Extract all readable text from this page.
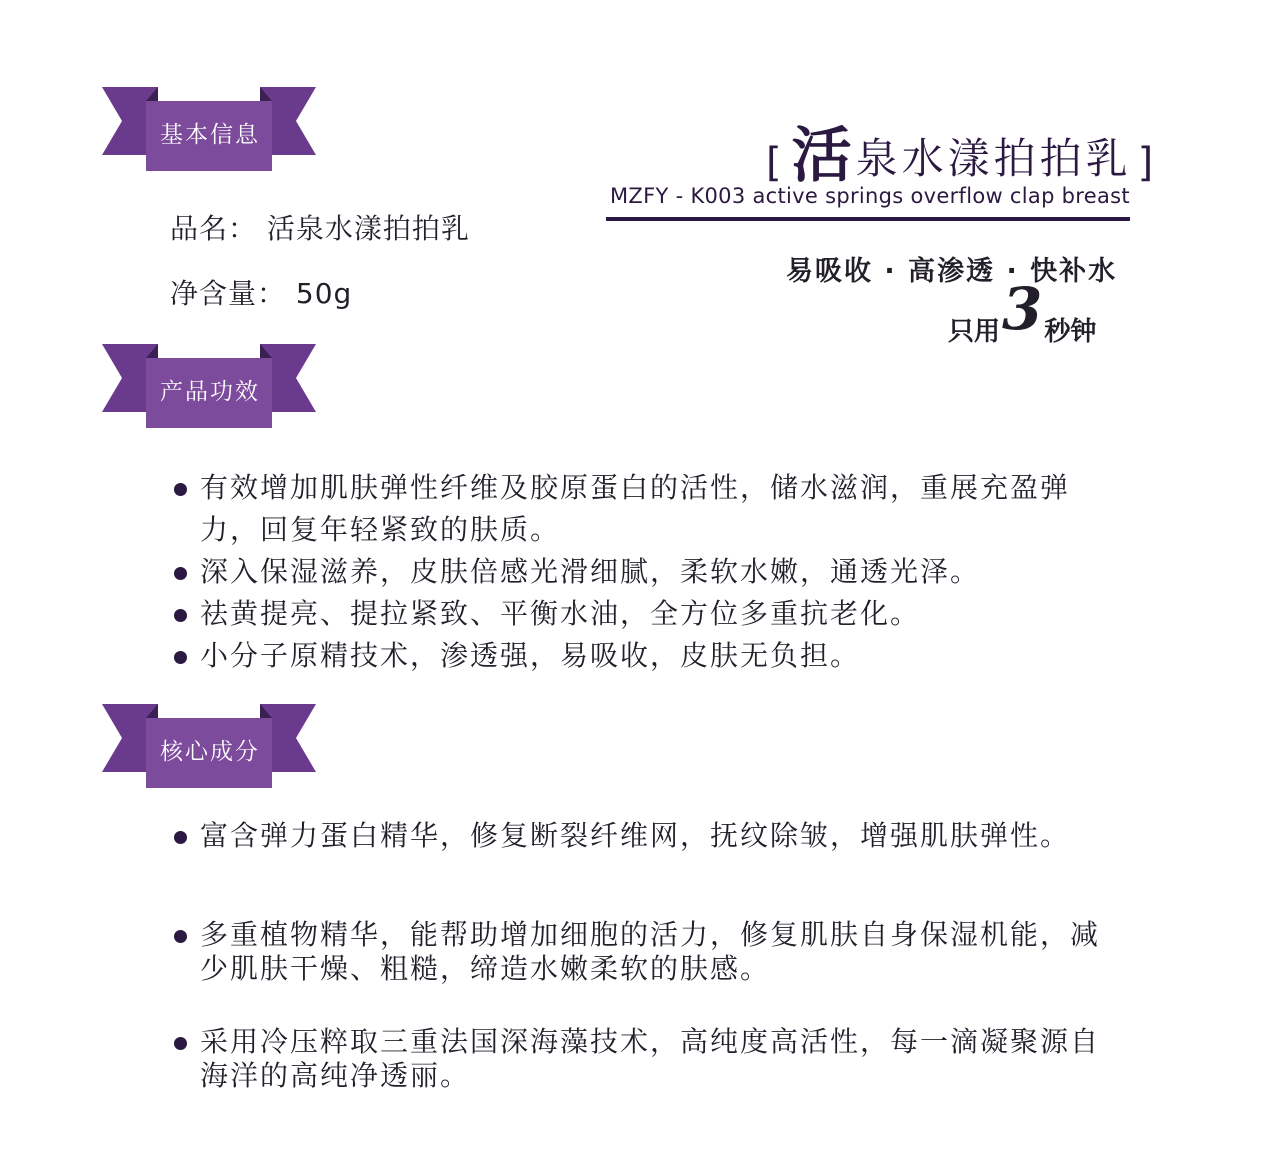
基本信息
品名： 活泉水漾拍拍乳
净含量： 50g
[ 活 泉水漾拍拍乳 ]
MZFY - K003 active springs overflow clap breast
易吸收 · 高渗透 · 快补水
只用 3 秒钟
产品功效
有效增加肌肤弹性纤维及胶原蛋白的活性，储水滋润，重展充盈弹
力，回复年轻紧致的肤质。
深入保湿滋养，皮肤倍感光滑细腻，柔软水嫩，通透光泽。
祛黄提亮、提拉紧致、平衡水油，全方位多重抗老化。
小分子原精技术，渗透强，易吸收，皮肤无负担。
核心成分
富含弹力蛋白精华，修复断裂纤维网，抚纹除皱，增强肌肤弹性。
多重植物精华，能帮助增加细胞的活力，修复肌肤自身保湿机能，减
少肌肤干燥、粗糙，缔造水嫩柔软的肤感。
采用冷压粹取三重法国深海藻技术，高纯度高活性，每一滴凝聚源自
海洋的高纯净透丽。
